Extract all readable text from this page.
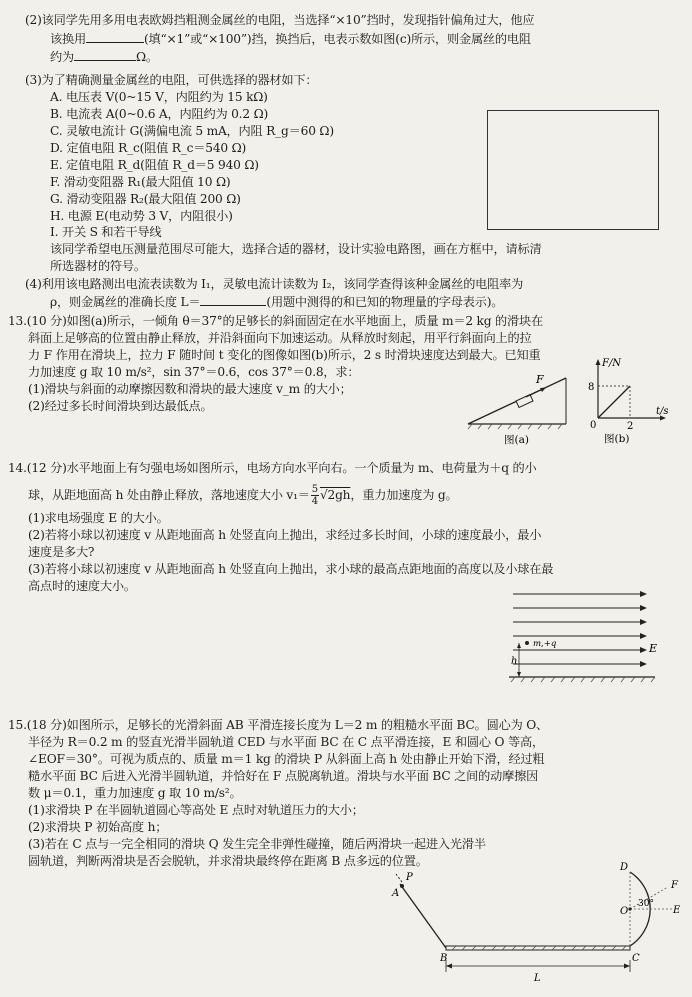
(2)该同学先用多用电表欧姆挡粗测金属丝的电阻，当选择“×10”挡时，发现指针偏角过大，他应
该换用	(填“×1”或“×100”)挡，换挡后，电表示数如图(c)所示，则金属丝的电阻
约为	Ω。
(3)为了精确测量金属丝的电阻，可供选择的器材如下：
A. 电压表 V(0~15 V，内阻约为 15 kΩ)
B. 电流表 A(0~0.6 A，内阻约为 0.2 Ω)
C. 灵敏电流计 G(满偏电流 5 mA，内阻 R_g＝60 Ω)
D. 定值电阻 R_c(阻值 R_c＝540 Ω)
E. 定值电阻 R_d(阻值 R_d＝5 940 Ω)
F. 滑动变阻器 R₁(最大阻值 10 Ω)
G. 滑动变阻器 R₂(最大阻值 200 Ω)
H. 电源 E(电动势 3 V，内阻很小)
I. 开关 S 和若干导线
该同学希望电压测量范围尽可能大，选择合适的器材，设计实验电路图，画在方框中，请标清
所选器材的符号。
(4)利用该电路测出电流表读数为 I₁，灵敏电流计读数为 I₂，该同学查得该种金属丝的电阻率为
ρ，则金属丝的准确长度 L＝	(用题中测得的和已知的物理量的字母表示)。
13.(10 分)如图(a)所示，一倾角 θ＝37°的足够长的斜面固定在水平地面上，质量 m＝2 kg 的滑块在
斜面上足够高的位置由静止释放，并沿斜面向下加速运动。从释放时刻起，用平行斜面向上的拉
力 F 作用在滑块上，拉力 F 随时间 t 变化的图像如图(b)所示，2 s 时滑块速度达到最大。已知重
力加速度 g 取 10 m/s²，sin 37°＝0.6，cos 37°＝0.8，求：
(1)滑块与斜面的动摩擦因数和滑块的最大速度 v_m 的大小；
(2)经过多长时间滑块到达最低点。
F
图(a)
F/N
t/s
8
2
0
图(b)
14.(12 分)水平地面上有匀强电场如图所示，电场方向水平向右。一个质量为 m、电荷量为＋q 的小
球，从距地面高 h 处由静止释放，落地速度大小 $v_1= \frac{5}{4} √2gh$，重力加速度为 g。
(1)求电场强度 E 的大小。
(2)若将小球以初速度 v 从距地面高 h 处竖直向上抛出，求经过多长时间，小球的速度最小，最小
速度是多大?
(3)若将小球以初速度 v 从距地面高 h 处竖直向上抛出，求小球的最高点距地面的高度以及小球在最
高点时的速度大小。
E
m,+q
h
15.(18 分)如图所示，足够长的光滑斜面 AB 平滑连接长度为 L＝2 m 的粗糙水平面 BC。圆心为 O、
半径为 R＝0.2 m 的竖直光滑半圆轨道 CED 与水平面 BC 在 C 点平滑连接，E 和圆心 O 等高，
∠EOF＝30°。可视为质点的、质量 m＝1 kg 的滑块 P 从斜面上高 h 处由静止开始下滑，经过粗
糙水平面 BC 后进入光滑半圆轨道，并恰好在 F 点脱离轨道。滑块与水平面 BC 之间的动摩擦因
数 μ＝0.1，重力加速度 g 取 10 m/s²。
(1)求滑块 P 在半圆轨道圆心等高处 E 点时对轨道压力的大小；
(2)求滑块 P 初始高度 h；
(3)若在 C 点与一完全相同的滑块 Q 发生完全非弹性碰撞，随后两滑块一起进入光滑半
圆轨道，判断两滑块是否会脱轨，并求滑块最终停在距离 B 点多远的位置。
P
A
B	C
O
30°
D
F
E
L
